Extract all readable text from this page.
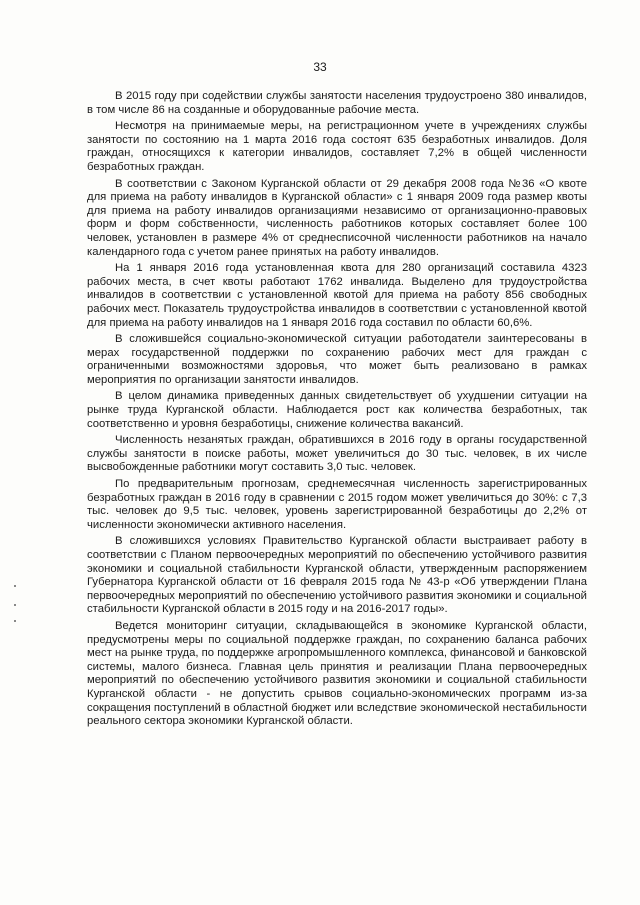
33

В 2015 году при содействии службы занятости населения трудоустроено 380 инвалидов, в том числе 86 на созданные и оборудованные рабочие места.

Несмотря на принимаемые меры, на регистрационном учете в учреждениях службы занятости по состоянию на 1 марта 2016 года состоят 635 безработных инвалидов. Доля граждан, относящихся к категории инвалидов, составляет 7,2% в общей численности безработных граждан.

В соответствии с Законом Курганской области от 29 декабря 2008 года №36 «О квоте для приема на работу инвалидов в Курганской области» с 1 января 2009 года размер квоты для приема на работу инвалидов организациями независимо от организационно-правовых форм и форм собственности, численность работников которых составляет более 100 человек, установлен в размере 4% от среднесписочной численности работников на начало календарного года с учетом ранее принятых на работу инвалидов.

На 1 января 2016 года установленная квота для 280 организаций составила 4323 рабочих места, в счет квоты работают 1762 инвалида. Выделено для трудоустройства инвалидов в соответствии с установленной квотой для приема на работу 856 свободных рабочих мест. Показатель трудоустройства инвалидов в соответствии с установленной квотой для приема на работу инвалидов на 1 января 2016 года составил по области 60,6%.

В сложившейся социально-экономической ситуации работодатели заинтересованы в мерах государственной поддержки по сохранению рабочих мест для граждан с ограниченными возможностями здоровья, что может быть реализовано в рамках мероприятия по организации занятости инвалидов.

В целом динамика приведенных данных свидетельствует об ухудшении ситуации на рынке труда Курганской области. Наблюдается рост как количества безработных, так соответственно и уровня безработицы, снижение количества вакансий.

Численность незанятых граждан, обратившихся в 2016 году в органы государственной службы занятости в поиске работы, может увеличиться до 30 тыс. человек, в их числе высвобожденные работники могут составить 3,0 тыс. человек.

По предварительным прогнозам, среднемесячная численность зарегистрированных безработных граждан в 2016 году в сравнении с 2015 годом может увеличиться до 30%: с 7,3 тыс. человек до 9,5 тыс. человек, уровень зарегистрированной безработицы до 2,2% от численности экономически активного населения.

В сложившихся условиях Правительство Курганской области выстраивает работу в соответствии с Планом первоочередных мероприятий по обеспечению устойчивого развития экономики и социальной стабильности Курганской области, утвержденным распоряжением Губернатора Курганской области от 16 февраля 2015 года № 43-р «Об утверждении Плана первоочередных мероприятий по обеспечению устойчивого развития экономики и социальной стабильности Курганской области в 2015 году и на 2016-2017 годы».

Ведется мониторинг ситуации, складывающейся в экономике Курганской области, предусмотрены меры по социальной поддержке граждан, по сохранению баланса рабочих мест на рынке труда, по поддержке агропромышленного комплекса, финансовой и банковской системы, малого бизнеса. Главная цель принятия и реализации Плана первоочередных мероприятий по обеспечению устойчивого развития экономики и социальной стабильности Курганской области - не допустить срывов социально-экономических программ из-за сокращения поступлений в областной бюджет или вследствие экономической нестабильности реального сектора экономики Курганской области.
